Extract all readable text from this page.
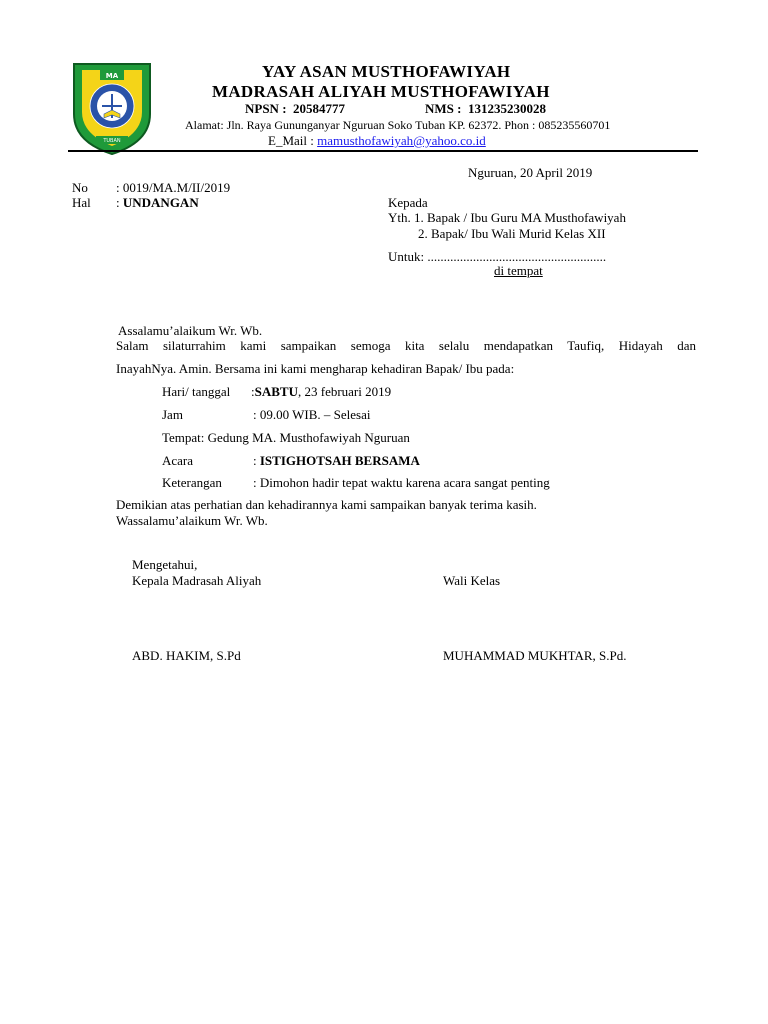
MA
TUBAN
YAY ASAN MUSTHOFAWIYAH
MADRASAH ALIYAH MUSTHOFAWIYAH
NPSN :  20584777	NMS :  131235230028
Alamat: Jln. Raya Gununganyar Nguruan Soko Tuban KP. 62372. Phon : 085235560701
E_Mail : mamusthofawiyah@yahoo.co.id
Nguruan, 20 April 2019
No : 0019/MA.M/II/2019
Hal : UNDANGAN	Kepada
Yth. 1. Bapak / Ibu Guru MA Musthofawiyah
2. Bapak/ Ibu Wali Murid Kelas XII
Untuk: .......................................................
di tempat
Assalamu’alaikum Wr. Wb.
Salam silaturrahim kami sampaikan semoga kita selalu mendapatkan Taufiq, Hidayah dan
InayahNya. Amin. Bersama ini kami mengharap kehadiran Bapak/ Ibu pada:
Hari/ tanggal :SABTU, 23 februari 2019
Jam	: 09.00 WIB. – Selesai
Tempat: Gedung MA. Musthofawiyah Nguruan
Acara	: ISTIGHOTSAH BERSAMA
Keterangan : Dimohon hadir tepat waktu karena acara sangat penting
Demikian atas perhatian dan kehadirannya kami sampaikan banyak terima kasih.
Wassalamu’alaikum Wr. Wb.
Mengetahui,
Kepala Madrasah Aliyah	Wali Kelas
ABD. HAKIM, S.Pd	MUHAMMAD MUKHTAR, S.Pd.
